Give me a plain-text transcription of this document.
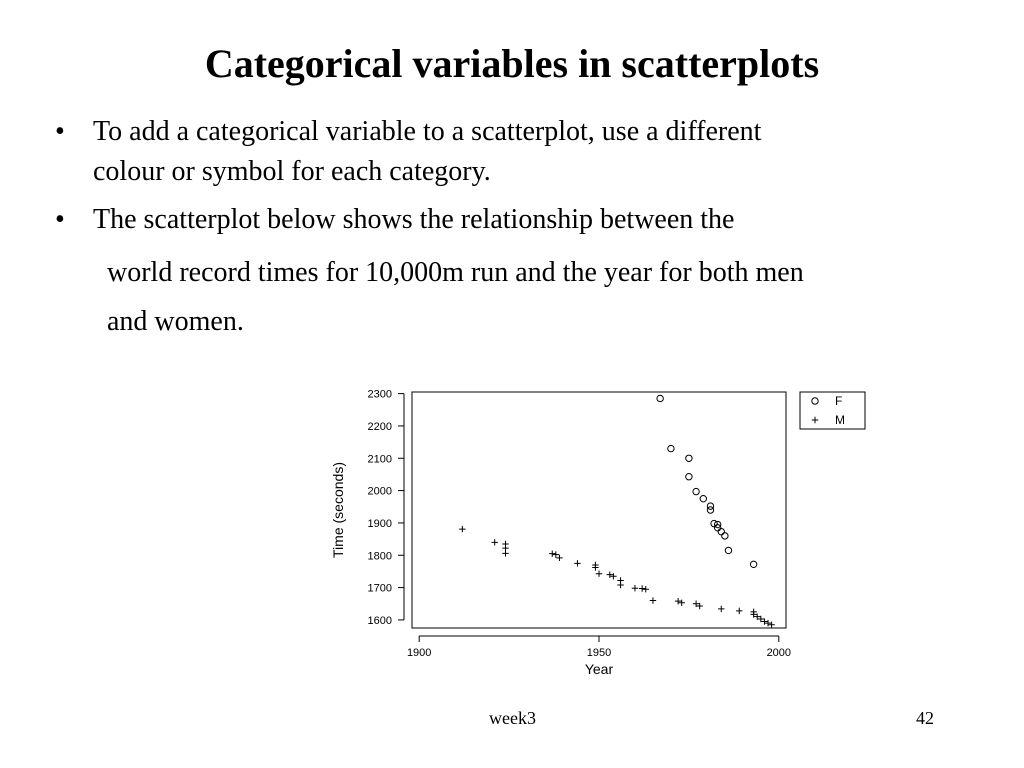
Categorical variables in scatterplots
• To add a categorical variable to a scatterplot, use a different
colour or symbol for each category.
• The scatterplot below shows the relationship between the
world record times for 10,000m run and the year for both men
and women.
1600
1700
1800
1900
2000
2100
2200
2300
1900	1950	2000
Year
Time (seconds)
F
M
week3	42
